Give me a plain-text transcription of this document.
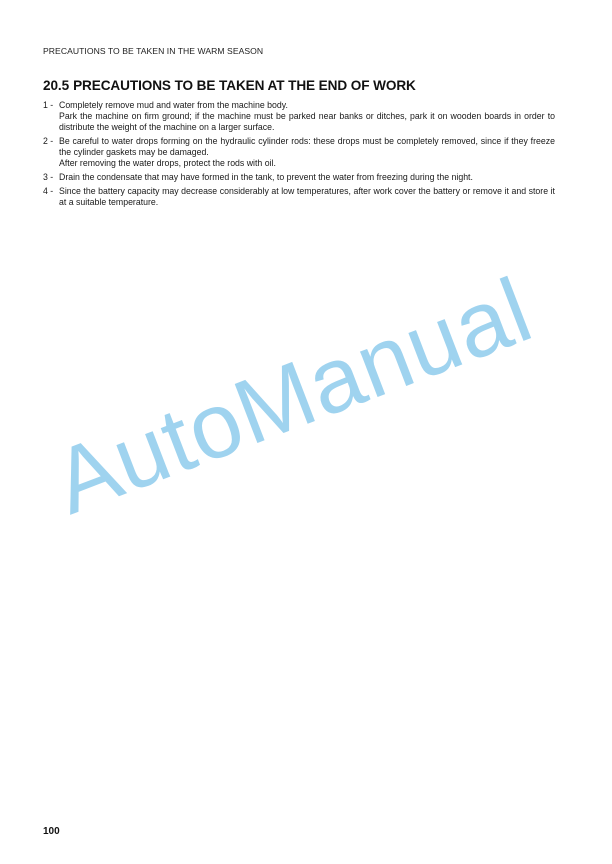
PRECAUTIONS TO BE TAKEN IN THE WARM SEASON
20.5 PRECAUTIONS TO BE TAKEN AT THE END OF WORK
1 - Completely remove mud and water from the machine body.
Park the machine on firm ground; if the machine must be parked near banks or ditches, park it on wooden boards in order to distribute the weight of the machine on a larger surface.
2 - Be careful to water drops forming on the hydraulic cylinder rods: these drops must be completely removed, since if they freeze the cylinder gaskets may be damaged.
After removing the water drops, protect the rods with oil.
3 - Drain the condensate that may have formed in the tank, to prevent the water from freezing during the night.
4 - Since the battery capacity may decrease considerably at low temperatures, after work cover the battery or remove it and store it at a suitable temperature.
AutoManual
100
